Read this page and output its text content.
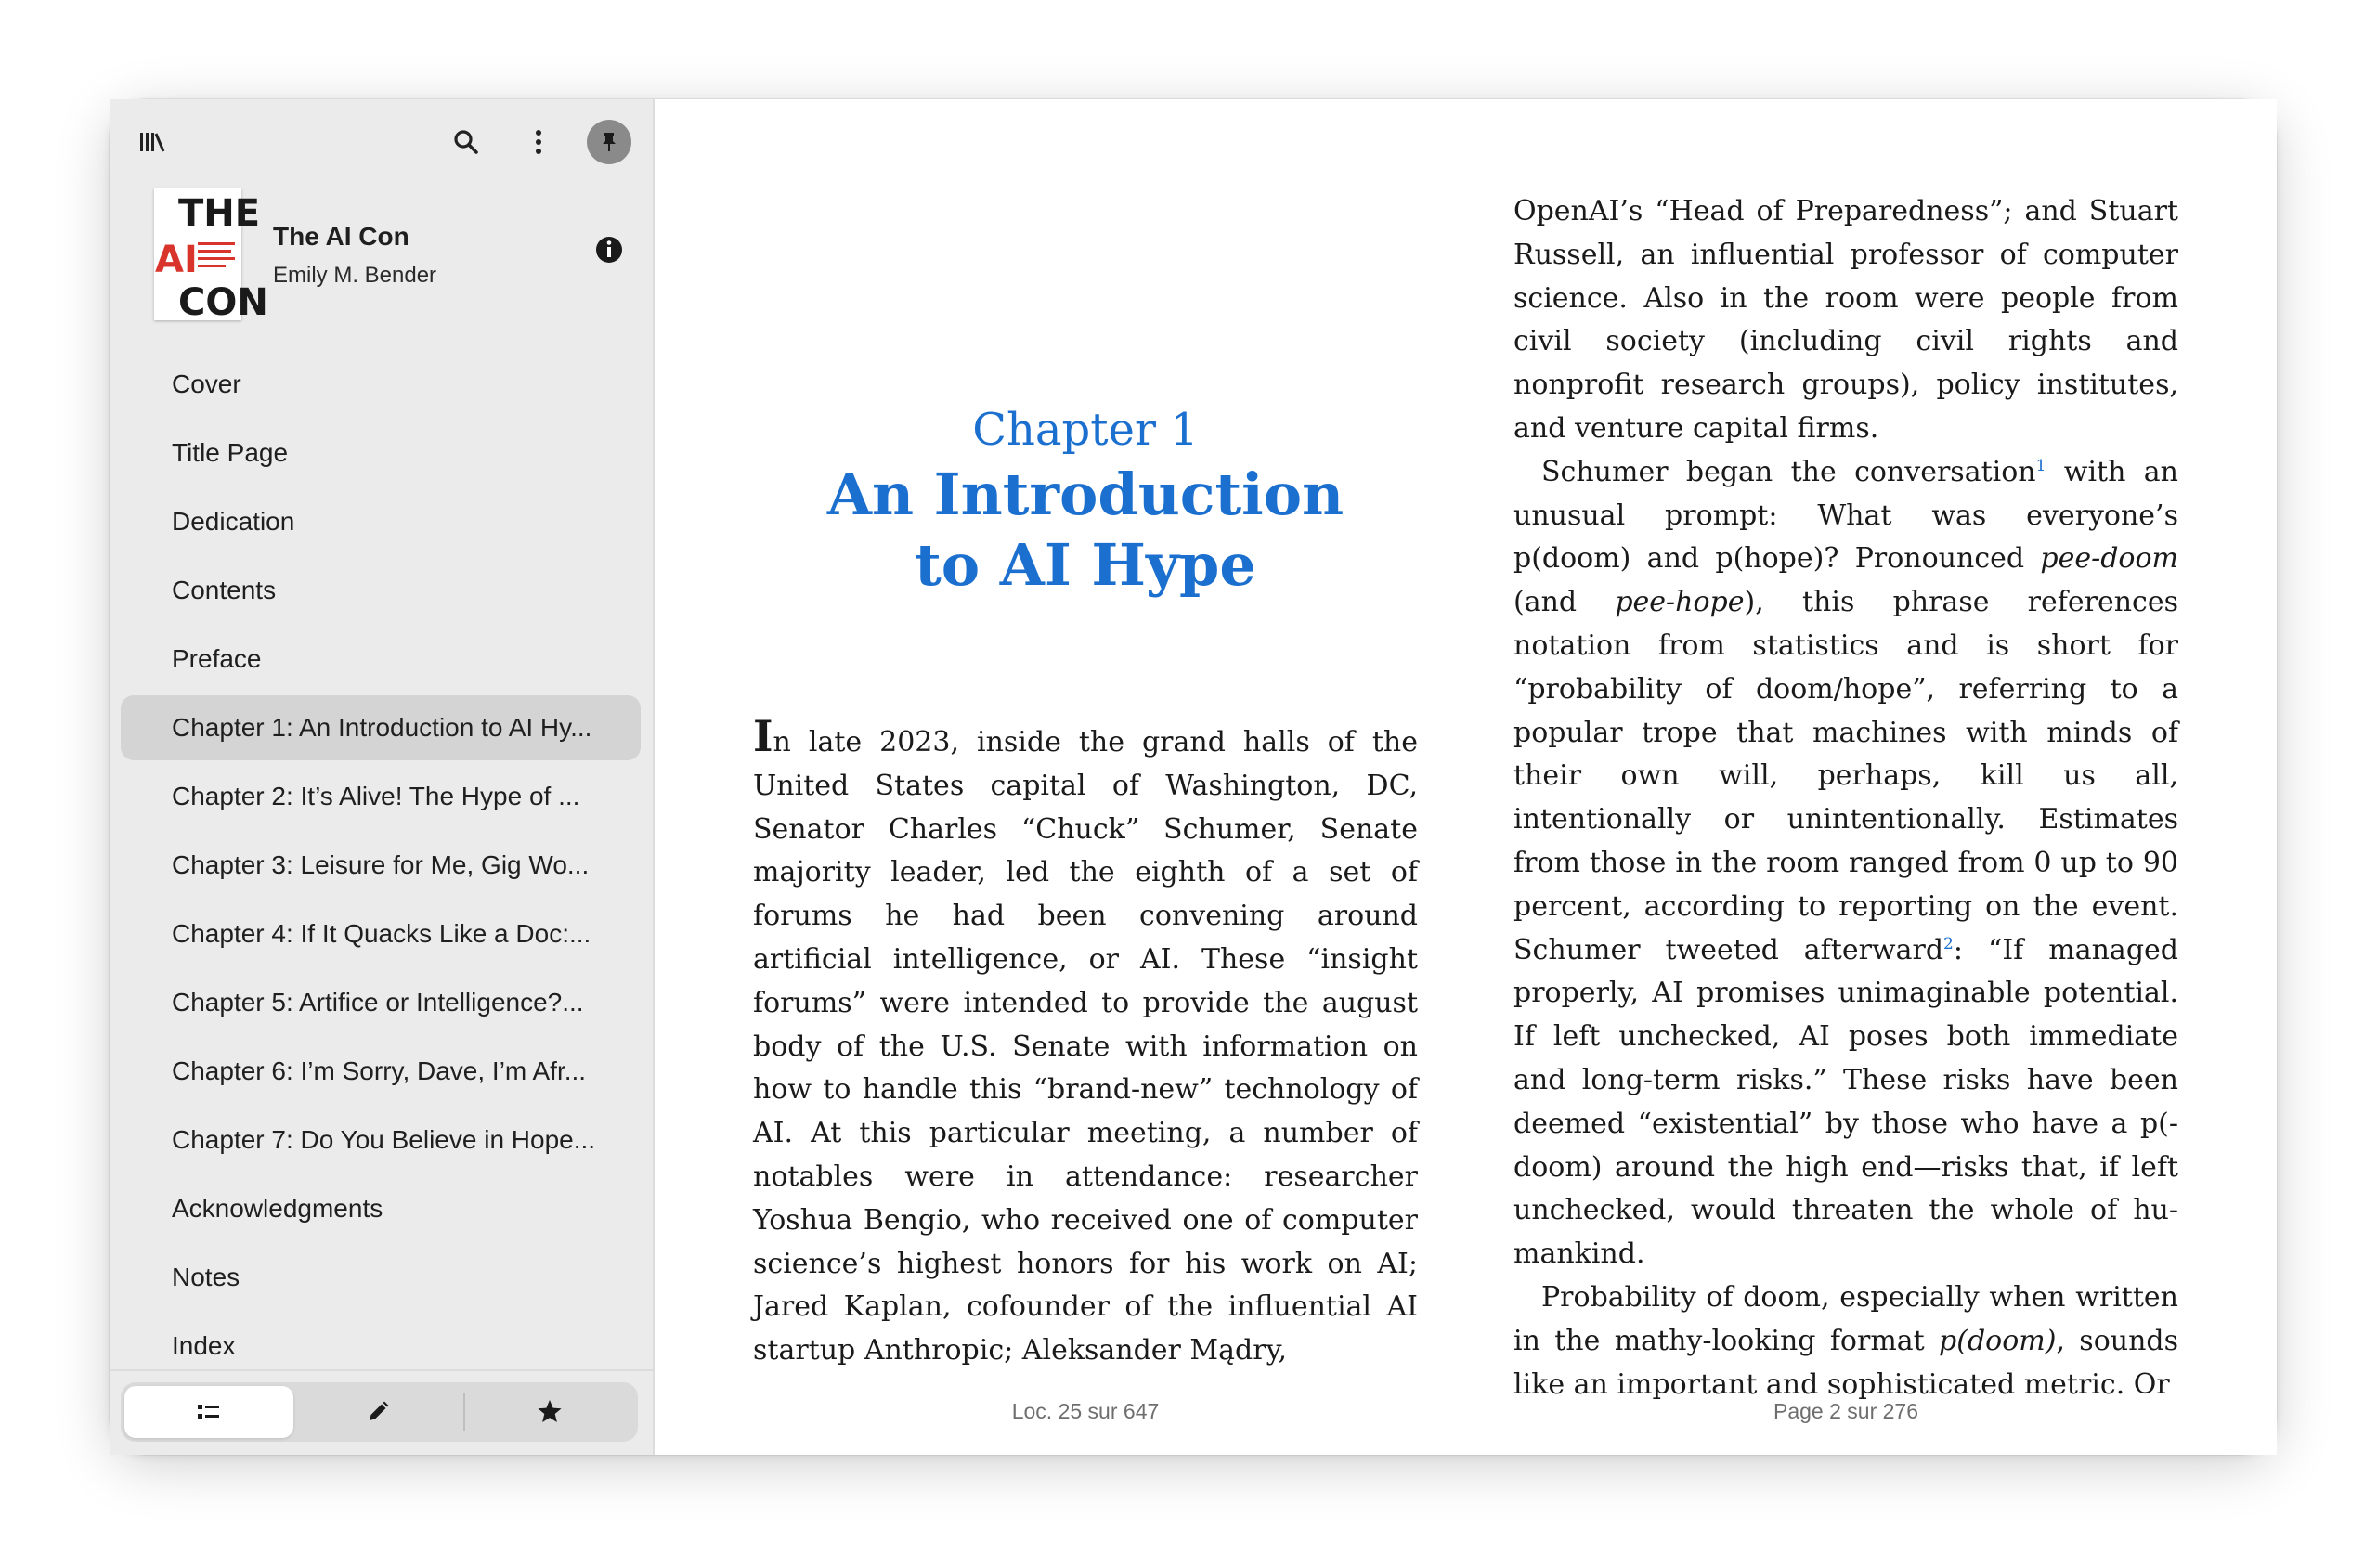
THE
AI
CON
The AI Con
Emily M. Bender
Cover
Title Page
Dedication
Contents
Preface
Chapter 1: An Introduction to AI Hy...
Chapter 2: It’s Alive! The Hype of ...
Chapter 3: Leisure for Me, Gig Wo...
Chapter 4: If It Quacks Like a Doc:...
Chapter 5: Artifice or Intelligence?...
Chapter 6: I’m Sorry, Dave, I’m Afr...
Chapter 7: Do You Believe in Hope...
Acknowledgments
Notes
Index
Chapter 1
An Introduction
to AI Hype

In late 2023, inside the grand halls of the United States capital of Washington, DC, Senator Charles “Chuck” Schumer, Senate majority leader, led the eighth of a set of forums he had been convening around artificial intelligence, or AI. These “insight forums” were intended to provide the august body of the U.S. Senate with information on how to handle this “brand-new” technology of AI. At this particular meeting, a number of notables were in attendance: researcher Yoshua Bengio, who received one of computer science’s highest honors for his work on AI; Jared Kaplan, cofounder of the influential AI startup Anthropic; Aleksander Mądry,

Loc. 25 sur 647

OpenAI’s “Head of Preparedness”; and Stuart Russell, an influential professor of computer science. Also in the room were people from civil society (including civil rights and nonprofit research groups), policy institutes, and venture capital firms.

Schumer began the conversation$^1$ with an unusual prompt: What was everyone’s p(doom) and p(hope)? Pronounced pee-doom (and pee-hope), this phrase references notation from statistics and is short for “probability of doom/hope”, referring to a popular trope that machines with minds of their own will, perhaps, kill us all, intentionally or unintentionally. Estimates from those in the room ranged from 0 up to 90 percent, according to reporting on the event. Schumer tweeted afterward$^2$: “If managed properly, AI promises unimaginable potential. If left unchecked, AI poses both immediate and long-term risks.” These risks have been deemed “existential” by those who have a p(-doom) around the high end—risks that, if left unchecked, would threaten the whole of humankind.

Probability of doom, especially when written in the mathy-looking format p(doom), sounds like an important and sophisticated metric. Or

Page 2 sur 276
